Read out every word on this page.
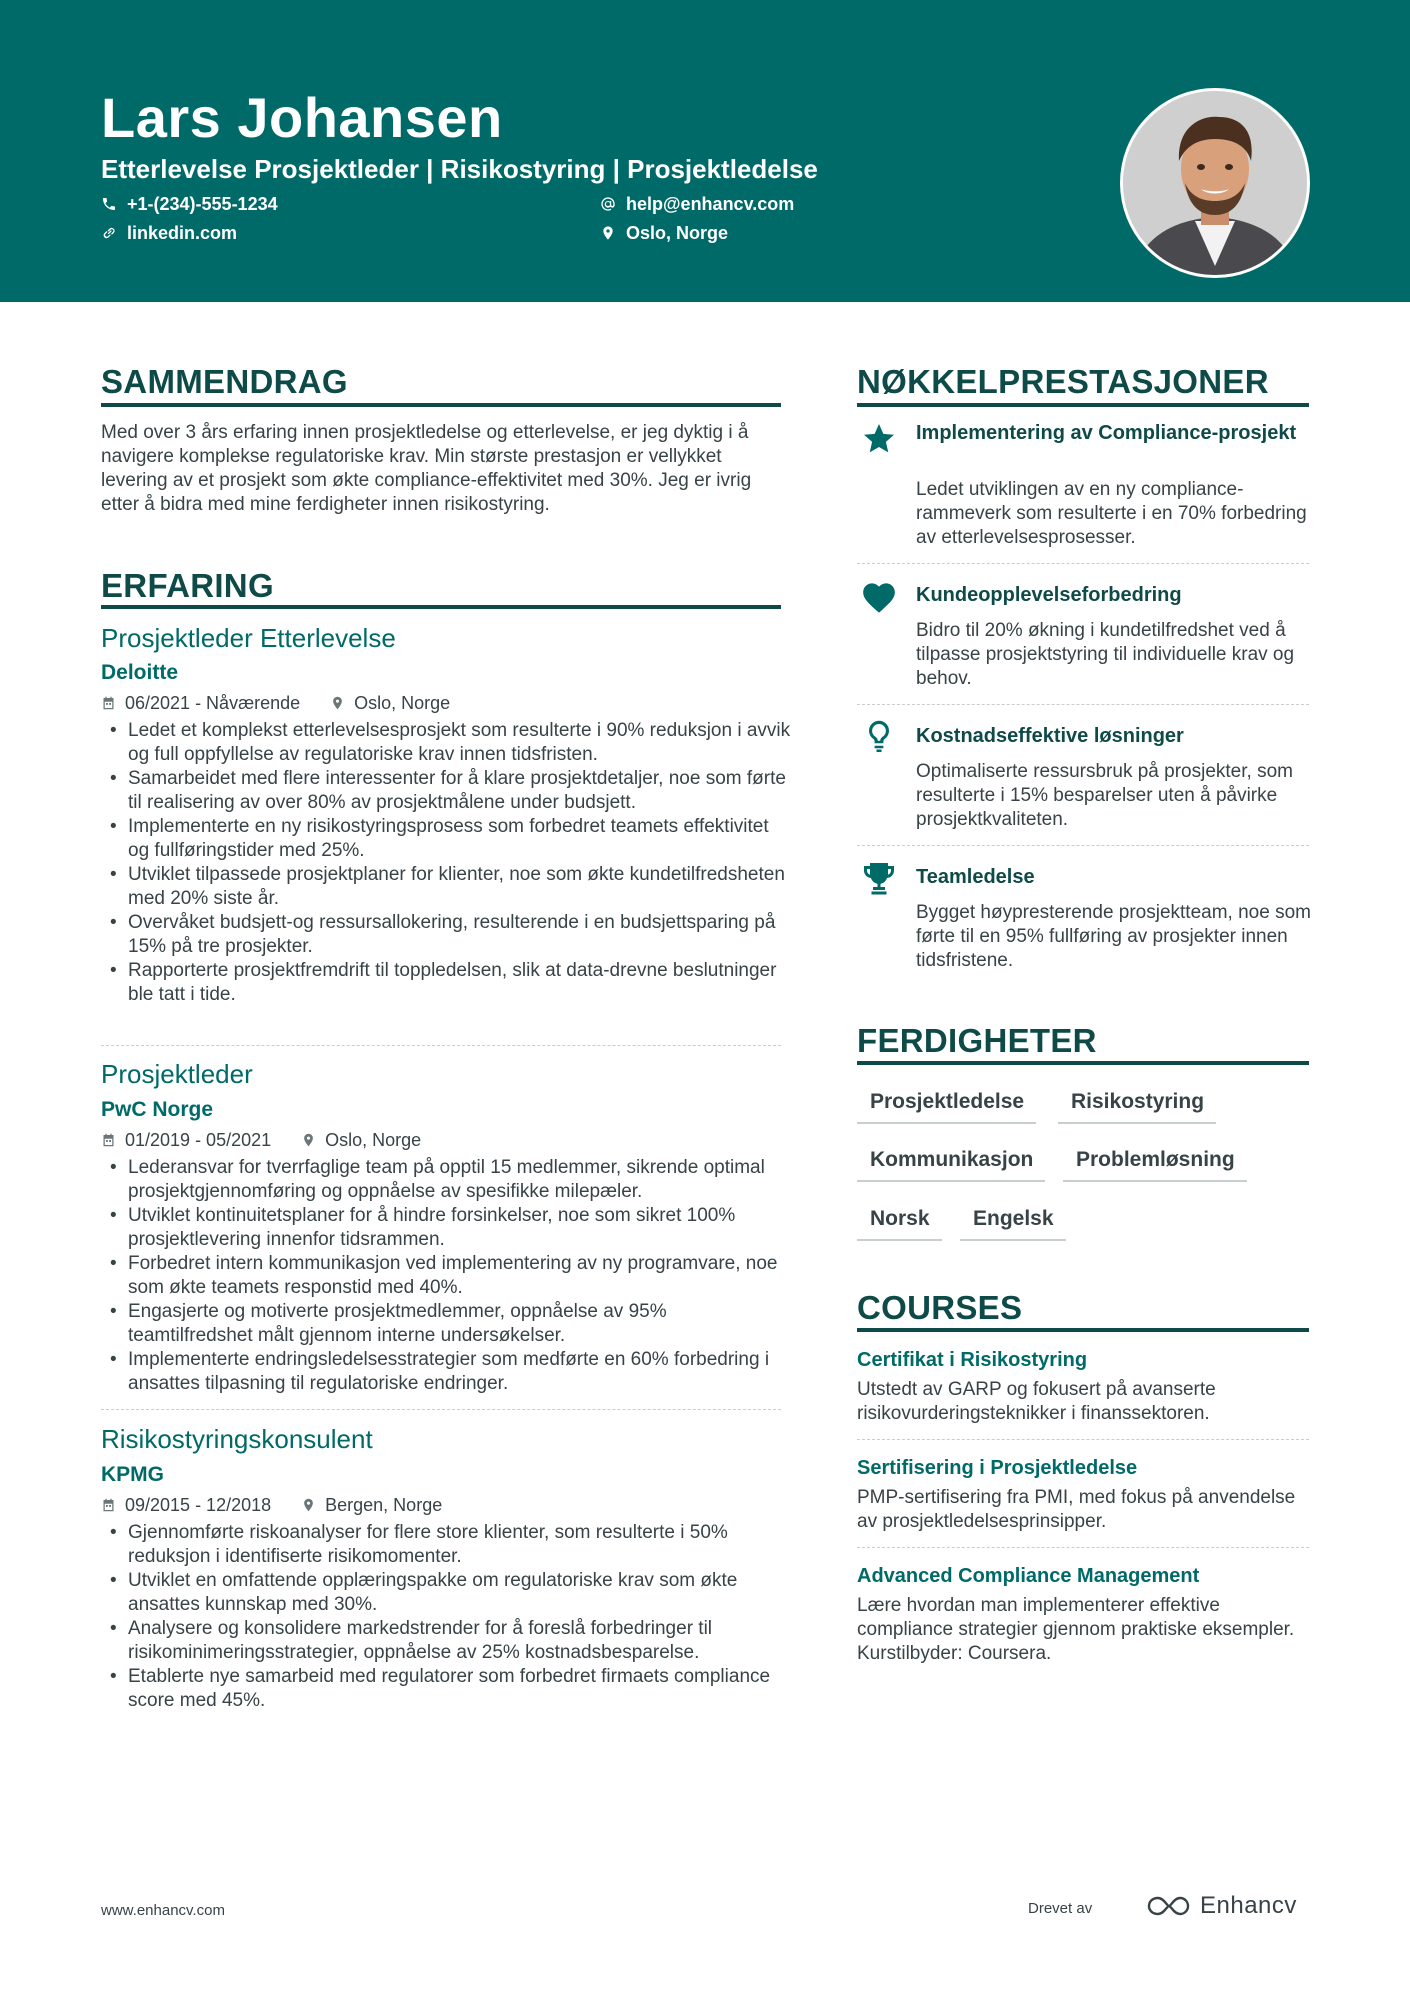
Lars Johansen
Etterlevelse Prosjektleder | Risikostyring | Prosjektledelse
+1-(234)-555-1234	help@enhancv.com
linkedin.com	Oslo, Norge
SAMMENDRAG
Med over 3 års erfaring innen prosjektledelse og etterlevelse, er jeg dyktig i å navigere komplekse regulatoriske krav. Min største prestasjon er vellykket levering av et prosjekt som økte compliance-effektivitet med 30%. Jeg er ivrig etter å bidra med mine ferdigheter innen risikostyring.
ERFARING
Prosjektleder Etterlevelse
Deloitte
06/2021 - Nåværende	Oslo, Norge
• Ledet et komplekst etterlevelsesprosjekt som resulterte i 90% reduksjon i avvik og full oppfyllelse av regulatoriske krav innen tidsfristen.
• Samarbeidet med flere interessenter for å klare prosjektdetaljer, noe som førte til realisering av over 80% av prosjektmålene under budsjett.
• Implementerte en ny risikostyringsprosess som forbedret teamets effektivitet og fullføringstider med 25%.
• Utviklet tilpassede prosjektplaner for klienter, noe som økte kundetilfredsheten med 20% siste år.
• Overvåket budsjett-og ressursallokering, resulterende i en budsjettsparing på 15% på tre prosjekter.
• Rapporterte prosjektfremdrift til toppledelsen, slik at data-drevne beslutninger ble tatt i tide.
Prosjektleder
PwC Norge
01/2019 - 05/2021	Oslo, Norge
• Lederansvar for tverrfaglige team på opptil 15 medlemmer, sikrende optimal prosjektgjennomføring og oppnåelse av spesifikke milepæler.
• Utviklet kontinuitetsplaner for å hindre forsinkelser, noe som sikret 100% prosjektlevering innenfor tidsrammen.
• Forbedret intern kommunikasjon ved implementering av ny programvare, noe som økte teamets responstid med 40%.
• Engasjerte og motiverte prosjektmedlemmer, oppnåelse av 95% teamtilfredshet målt gjennom interne undersøkelser.
• Implementerte endringsledelsesstrategier som medførte en 60% forbedring i ansattes tilpasning til regulatoriske endringer.
Risikostyringskonsulent
KPMG
09/2015 - 12/2018	Bergen, Norge
• Gjennomførte riskoanalyser for flere store klienter, som resulterte i 50% reduksjon i identifiserte risikomomenter.
• Utviklet en omfattende opplæringspakke om regulatoriske krav som økte ansattes kunnskap med 30%.
• Analysere og konsolidere markedstrender for å foreslå forbedringer til risikominimeringsstrategier, oppnåelse av 25% kostnadsbesparelse.
• Etablerte nye samarbeid med regulatorer som forbedret firmaets compliance score med 45%.
NØKKELPRESTASJONER
Implementering av Compliance-prosjekt
Ledet utviklingen av en ny compliance-rammeverk som resulterte i en 70% forbedring av etterlevelsesprosesser.
Kundeopplevelseforbedring
Bidro til 20% økning i kundetilfredshet ved å tilpasse prosjektstyring til individuelle krav og behov.
Kostnadseffektive løsninger
Optimaliserte ressursbruk på prosjekter, som resulterte i 15% besparelser uten å påvirke prosjektkvaliteten.
Teamledelse
Bygget høypresterende prosjektteam, noe som førte til en 95% fullføring av prosjekter innen tidsfristene.
FERDIGHETER
Prosjektledelse	Risikostyring
Kommunikasjon	Problemløsning
Norsk	Engelsk
COURSES
Certifikat i Risikostyring
Utstedt av GARP og fokusert på avanserte risikovurderingsteknikker i finanssektoren.
Sertifisering i Prosjektledelse
PMP-sertifisering fra PMI, med fokus på anvendelse av prosjektledelsesprinsipper.
Advanced Compliance Management
Lære hvordan man implementerer effektive compliance strategier gjennom praktiske eksempler. Kurstilbyder: Coursera.
www.enhancv.com	Drevet av	Enhancv
